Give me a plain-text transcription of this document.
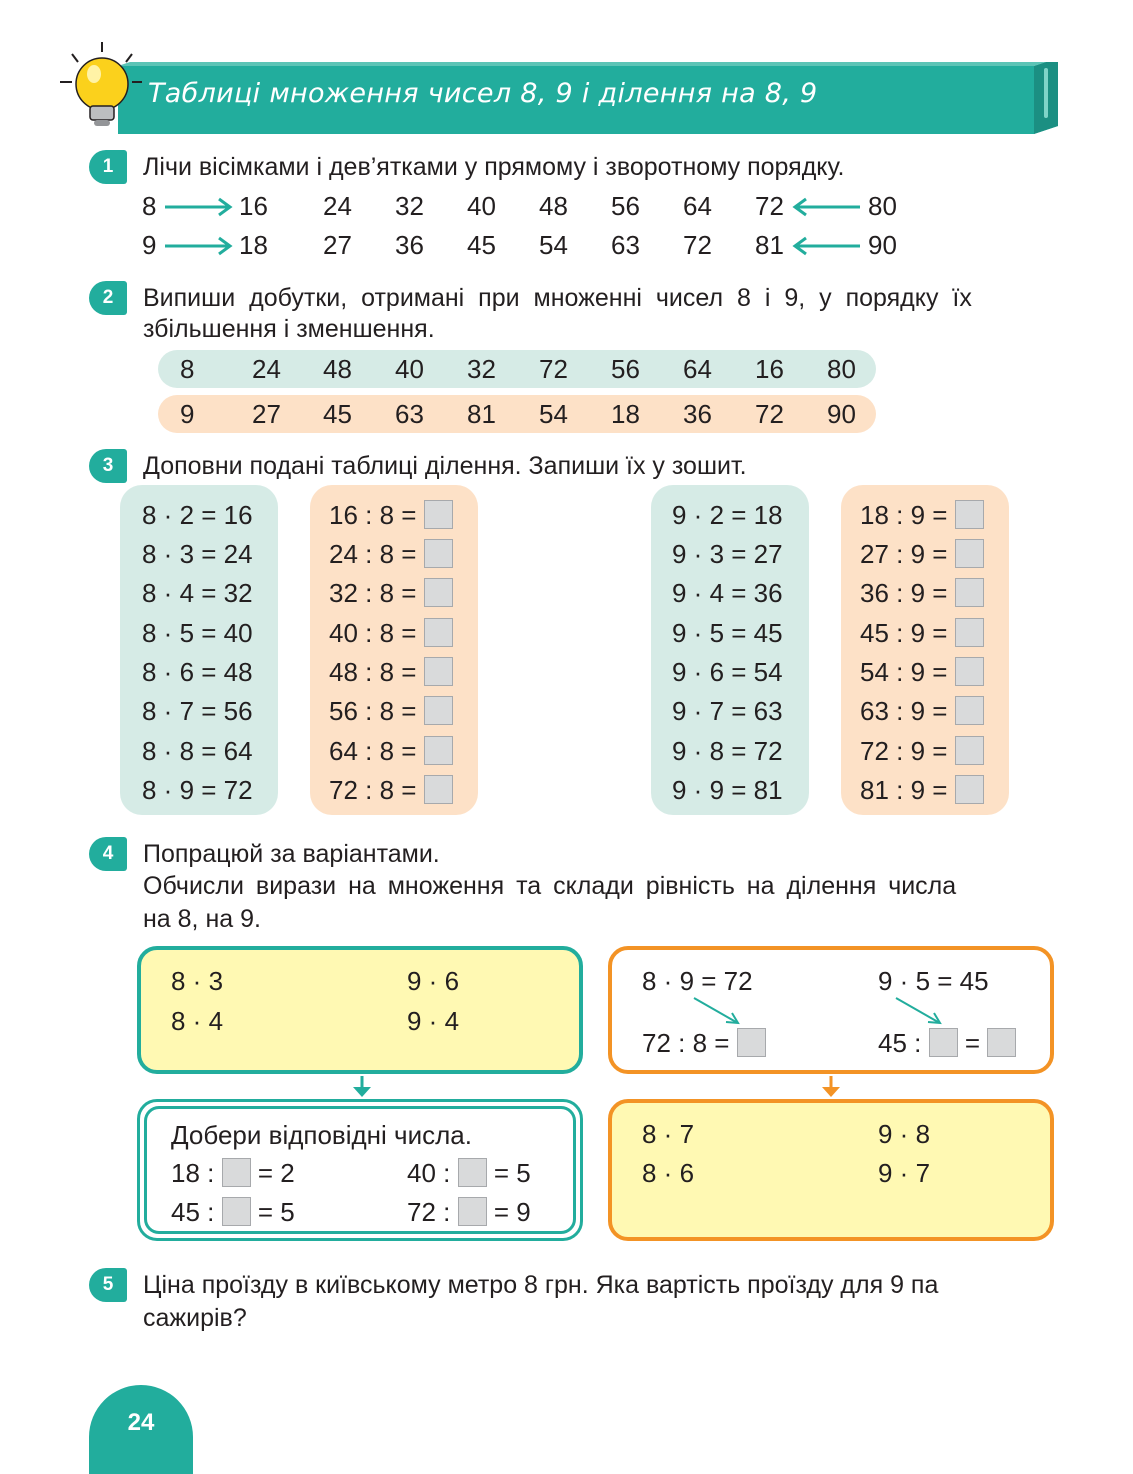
Таблиці множення чисел 8, 9 і ділення на 8, 9
1	Лічи вісімками і дев’ятками у прямому і зворотному порядку.
8	16 24 32 40 48 56 64 72	80
9	18 27 36 45 54 63 72 81	90
2	Випиши добутки, отримані при множенні чисел 8 і 9, у порядку їх
збільшення і зменшення.
8 24 48 40 32 72 56 64 16 80
9 27 45 63 81 54 18 36 72 90
3	Доповни подані таблиці ділення. Запиши їх у зошит.
8 · 2 = 16
8 · 3 = 24
8 · 4 = 32
8 · 5 = 40
8 · 6 = 48
8 · 7 = 56
8 · 8 = 64
8 · 9 = 72
16 : 8 =
24 : 8 =
32 : 8 =
40 : 8 =
48 : 8 =
56 : 8 =
64 : 8 =
72 : 8 =
9 · 2 = 18
9 · 3 = 27
9 · 4 = 36
9 · 5 = 45
9 · 6 = 54
9 · 7 = 63
9 · 8 = 72
9 · 9 = 81
18 : 9 =
27 : 9 =
36 : 9 =
45 : 9 =
54 : 9 =
63 : 9 =
72 : 9 =
81 : 9 =
4	Попрацюй за варіантами.
Обчисли вирази на множення та склади рівність на ділення числа
на 8, на 9.
8 · 3
8 · 4
9 · 6
9 · 4
8 · 9 = 72
72 : 8 =
9 · 5 = 45
45 : =
Добери відповідні числа.
18 : = 2
45 : = 5
40 : = 5
72 : = 9
8 · 7
8 · 6
9 · 8
9 · 7
5	Ціна проїзду в київському метро 8 грн. Яка вартість проїзду для 9 па
сажирів?
24
